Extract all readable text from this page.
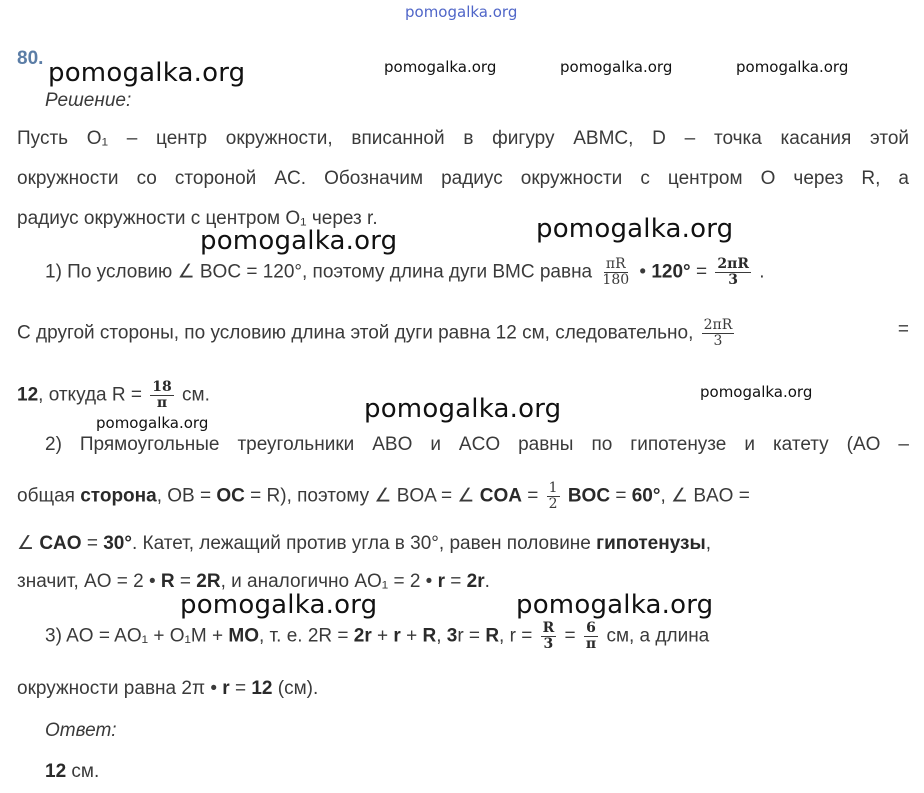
pomogalka.org
pomogalka.org	pomogalka.org	pomogalka.org	pomogalka.org
pomogalka.org	pomogalka.org
pomogalka.org
pomogalka.org
pomogalka.org
pomogalka.org	pomogalka.org
80.
Решение:
Пусть O₁ – центр окружности, вписанной в фигуру ABMC, D – точка касания этой
окружности со стороной AC. Обозначим радиус окружности с центром O через R, а
радиус окружности с центром O₁ через r.
1) По условию ∠ BOC = 120°, поэтому длина дуги BMC равна $\frac{\pi R}{180}$ • $120^\circ = \frac{2\pi R}{3}$ .
С другой стороны, по условию длина этой дуги равна 12 см, следовательно, $\frac{2\pi R}{3}$	=
12, откуда $R = \frac{18}{\pi}$ см.
2) Прямоугольные треугольники ABO и ACO равны по гипотенузе и катету (AO –
общая сторона, OB = OC = R), поэтому ∠ BOA = ∠ COA = $\frac{1}{2}$ BOC = 60°, ∠ BAO =
∠ CAO = 30°. Катет, лежащий против угла в 30°, равен половине гипотенузы,
значит, AO = 2 • R = 2R, и аналогично AO₁ = 2 • r = 2r.
3) AO = AO₁ + O₁M + MO, т. е. 2R = 2r + r + R, 3r = R, $r = \frac{R}{3} = \frac{6}{\pi}$ см, а длина
окружности равна 2π • r = 12 (см).
Ответ:
12 см.
